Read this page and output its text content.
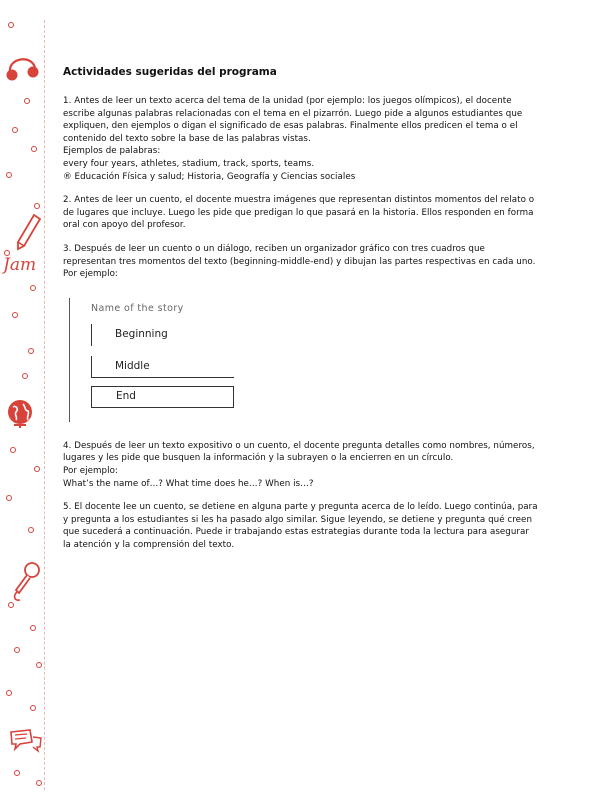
Jam
Actividades sugeridas del programa

1. Antes de leer un texto acerca del tema de la unidad (por ejemplo: los juegos olímpicos), el docente escribe algunas palabras relacionadas con el tema en el pizarrón. Luego pide a algunos estudiantes que expliquen, den ejemplos o digan el significado de esas palabras. Finalmente ellos predicen el tema o el contenido del texto sobre la base de las palabras vistas.

Ejemplos de palabras:

every four years, athletes, stadium, track, sports, teams.

® Educación Física y salud; Historia, Geografía y Ciencias sociales

2. Antes de leer un cuento, el docente muestra imágenes que representan distintos momentos del relato o de lugares que incluye. Luego les pide que predigan lo que pasará en la historia. Ellos responden en forma oral con apoyo del profesor.

3. Después de leer un cuento o un diálogo, reciben un organizador gráfico con tres cuadros que representan tres momentos del texto (beginning-middle-end) y dibujan las partes respectivas en cada uno.

Por ejemplo:

Name of the story
Beginning
Middle
End

4. Después de leer un texto expositivo o un cuento, el docente pregunta detalles como nombres, números, lugares y les pide que busquen la información y la subrayen o la encierren en un círculo.

Por ejemplo:

What’s the name of…? What time does he…? When is…?

5. El docente lee un cuento, se detiene en alguna parte y pregunta acerca de lo leído. Luego continúa, para y pregunta a los estudiantes si les ha pasado algo similar. Sigue leyendo, se detiene y pregunta qué creen que sucederá a continuación. Puede ir trabajando estas estrategias durante toda la lectura para asegurar la atención y la comprensión del texto.
